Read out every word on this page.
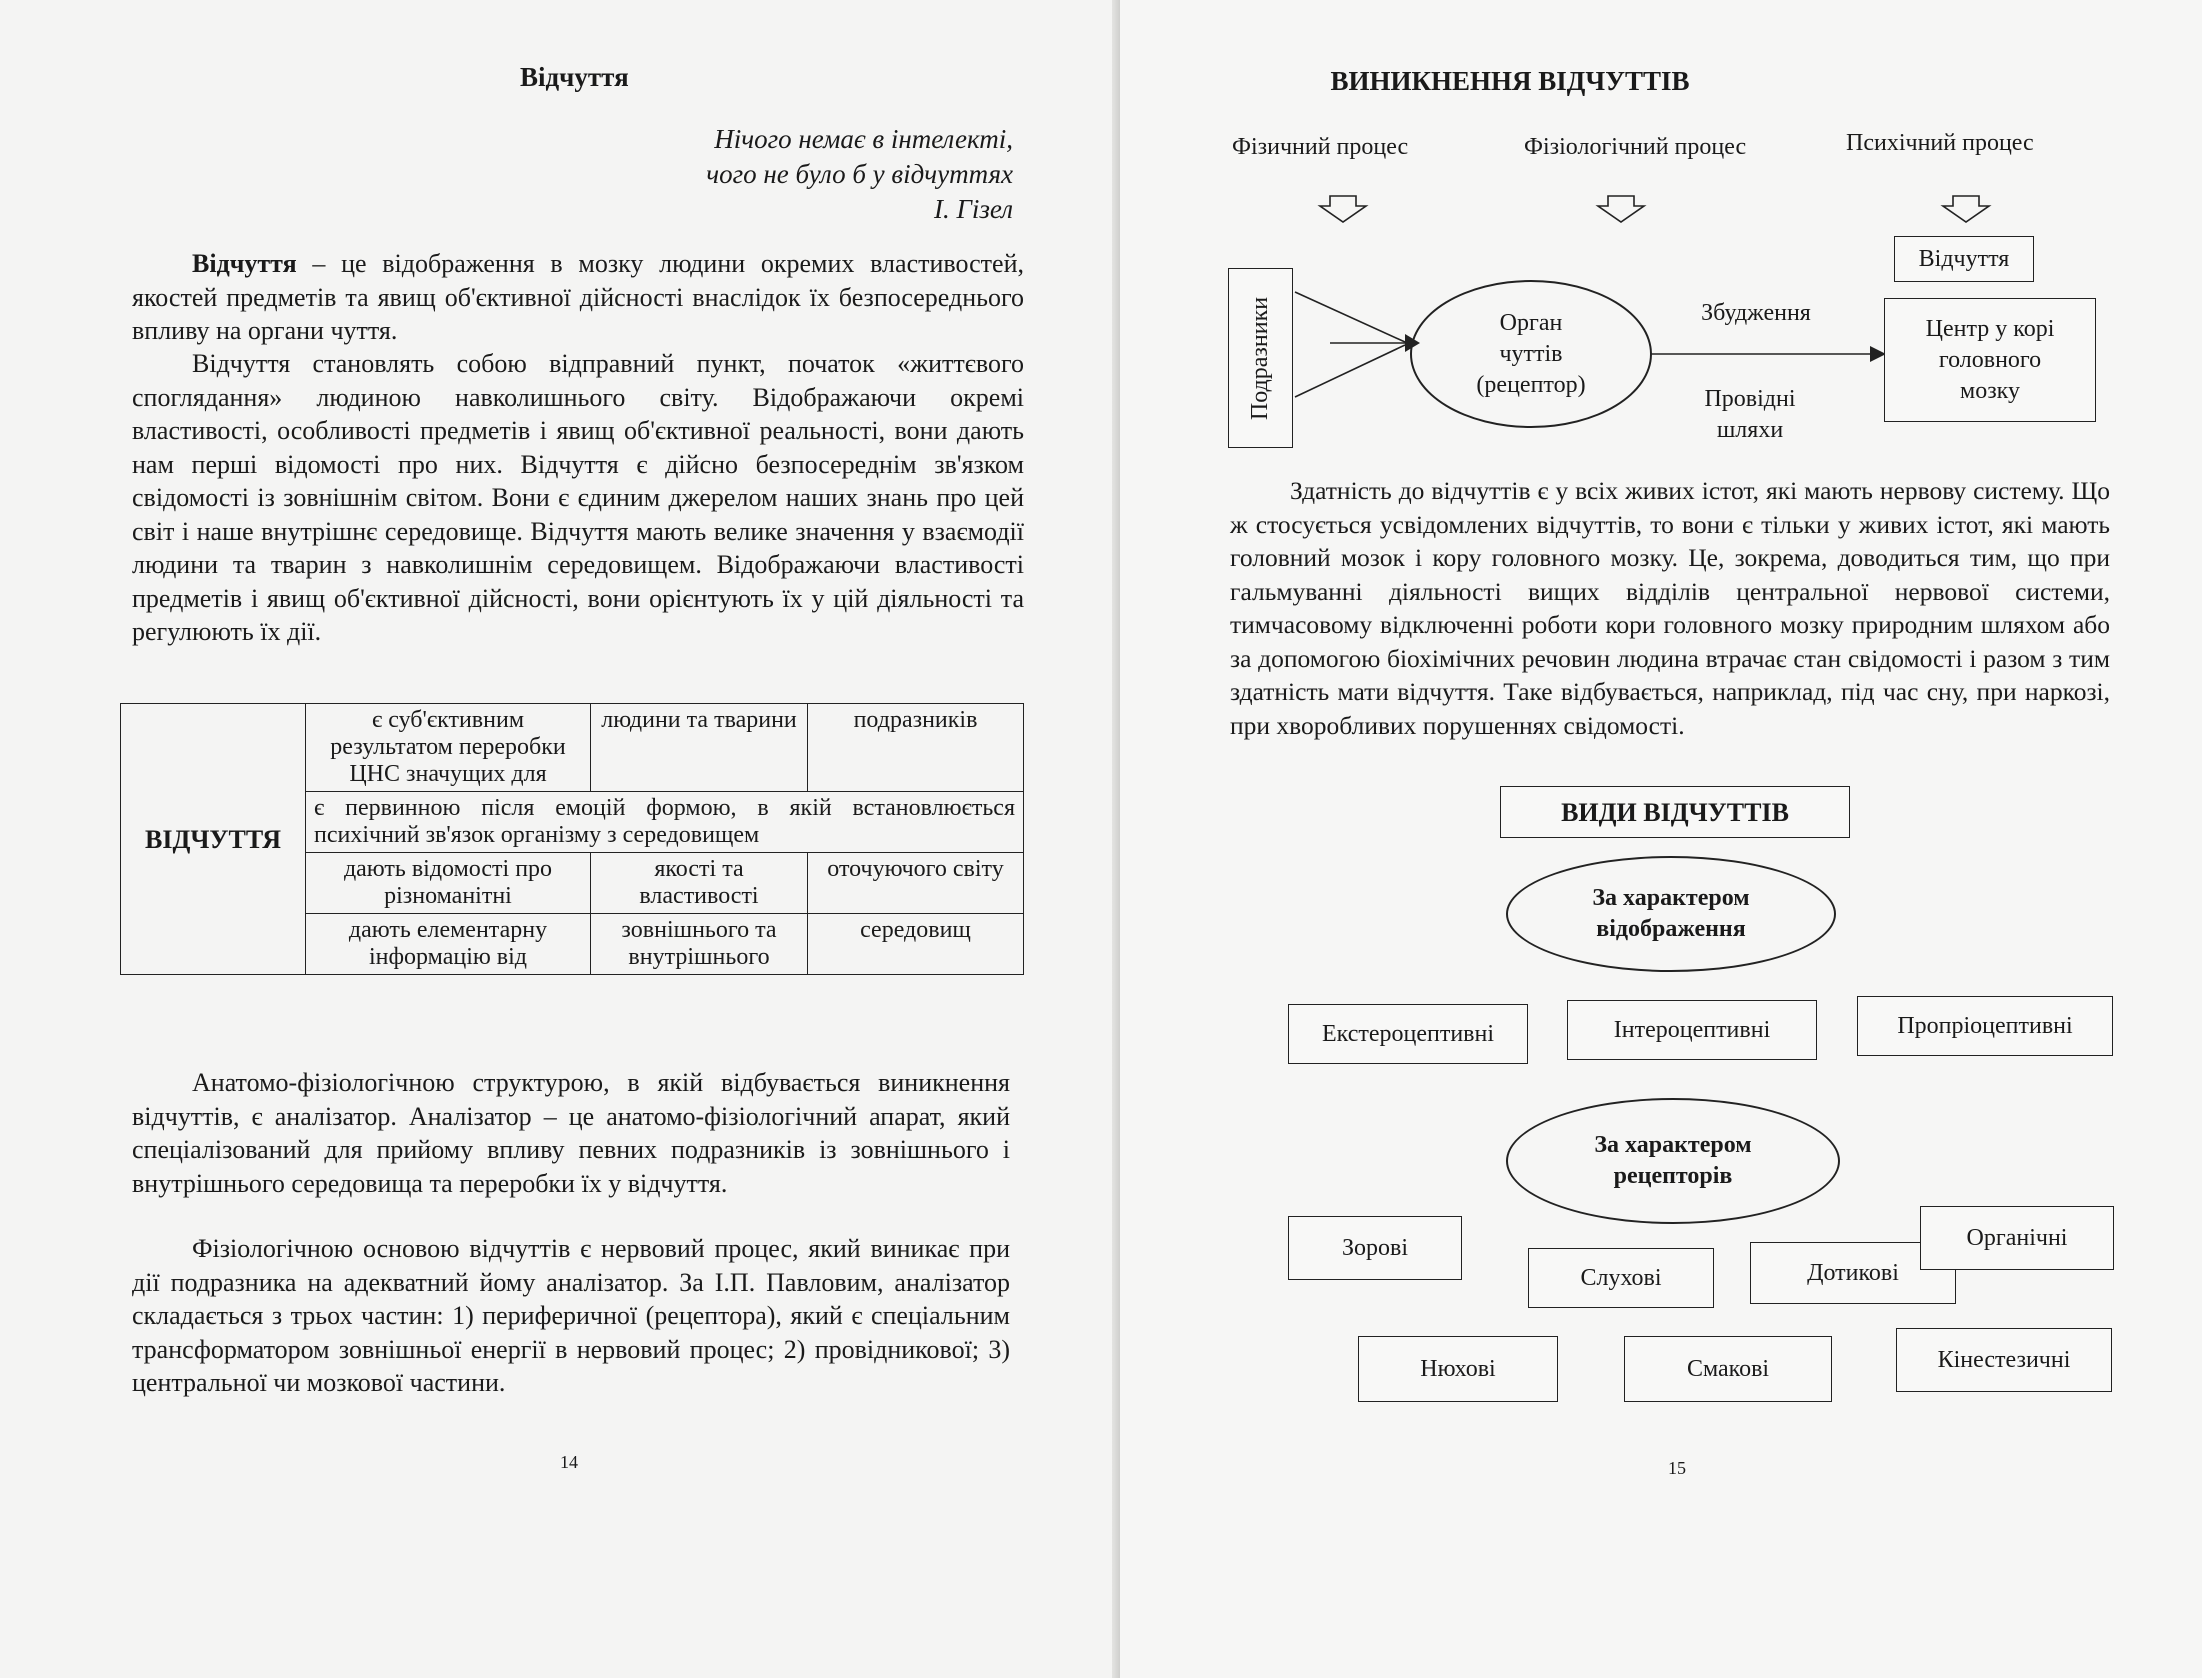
Відчуття
Нічого немає в інтелекті,
чого не було б у відчуттях
І. Гізел
Відчуття – це відображення в мозку людини окремих властивостей, якостей предметів та явищ об'єктивної дійсності внаслідок їх безпосереднього впливу на органи чуття.
Відчуття становлять собою відправний пункт, початок «життєвого споглядання» людиною навколишнього світу. Відображаючи окремі властивості, особливості предметів і явищ об'єктивної реальності, вони дають нам перші відомості про них. Відчуття є дійсно безпосереднім зв'язком свідомості із зовнішнім світом. Вони є єдиним джерелом наших знань про цей світ і наше внутрішнє середовище. Відчуття мають велике значення у взаємодії людини та тварин з навколишнім середовищем. Відображаючи властивості предметів і явищ об'єктивної дійсності, вони орієнтують їх у цій діяльності та регулюють їх дії.
ВІДЧУТТЯ	є суб'єктивним результатом переробки ЦНС значущих для	людини та тварини	подразників
	є первинною після емоцій формою, в якій встановлюється психічний зв'язок організму з середовищем		
	дають відомості про різноманітні	якості та властивості	оточуючого світу
	дають елементарну інформацію від	зовнішнього та внутрішнього	середовищ
Анатомо-фізіологічною структурою, в якій відбувається виникнення відчуттів, є аналізатор. Аналізатор – це анатомо-фізіологічний апарат, який спеціалізований для прийому впливу певних подразників із зовнішнього і внутрішнього середовища та переробки їх у відчуття.
Фізіологічною основою відчуттів є нервовий процес, який виникає при дії подразника на адекватний йому аналізатор. За І.П. Павловим, аналізатор складається з трьох частин: 1) периферичної (рецептора), який є спеціальним трансформатором зовнішньої енергії в нервовий процес; 2) провідникової; 3) центральної чи мозкової частини.
14
ВИНИКНЕННЯ ВІДЧУТТІВ
Фізичний процес	Фізіологічний процес	Психічний процес
Подразники	Орган
чуттів
(рецептор)
Збудження
Провідні
шляхи
Відчуття
Центр у корі
головного
мозку
Здатність до відчуттів є у всіх живих істот, які мають нервову систему. Що ж стосується усвідомлених відчуттів, то вони є тільки у живих істот, які мають головний мозок і кору головного мозку. Це, зокрема, доводиться тим, що при гальмуванні діяльності вищих відділів центральної нервової системи, тимчасовому відключенні роботи кори головного мозку природним шляхом або за допомогою біохімічних речовин людина втрачає стан свідомості і разом з тим здатність мати відчуття. Таке відбувається, наприклад, під час сну, при наркозі, при хворобливих порушеннях свідомості.
ВИДИ ВІДЧУТТІВ
За характером
відображення
Екстероцептивні	Інтероцептивні	Пропріоцептивні
За характером
рецепторів
Зорові
Слухові	Дотикові
Органічні
Нюхові	Смакові	Кінестезичні
15
